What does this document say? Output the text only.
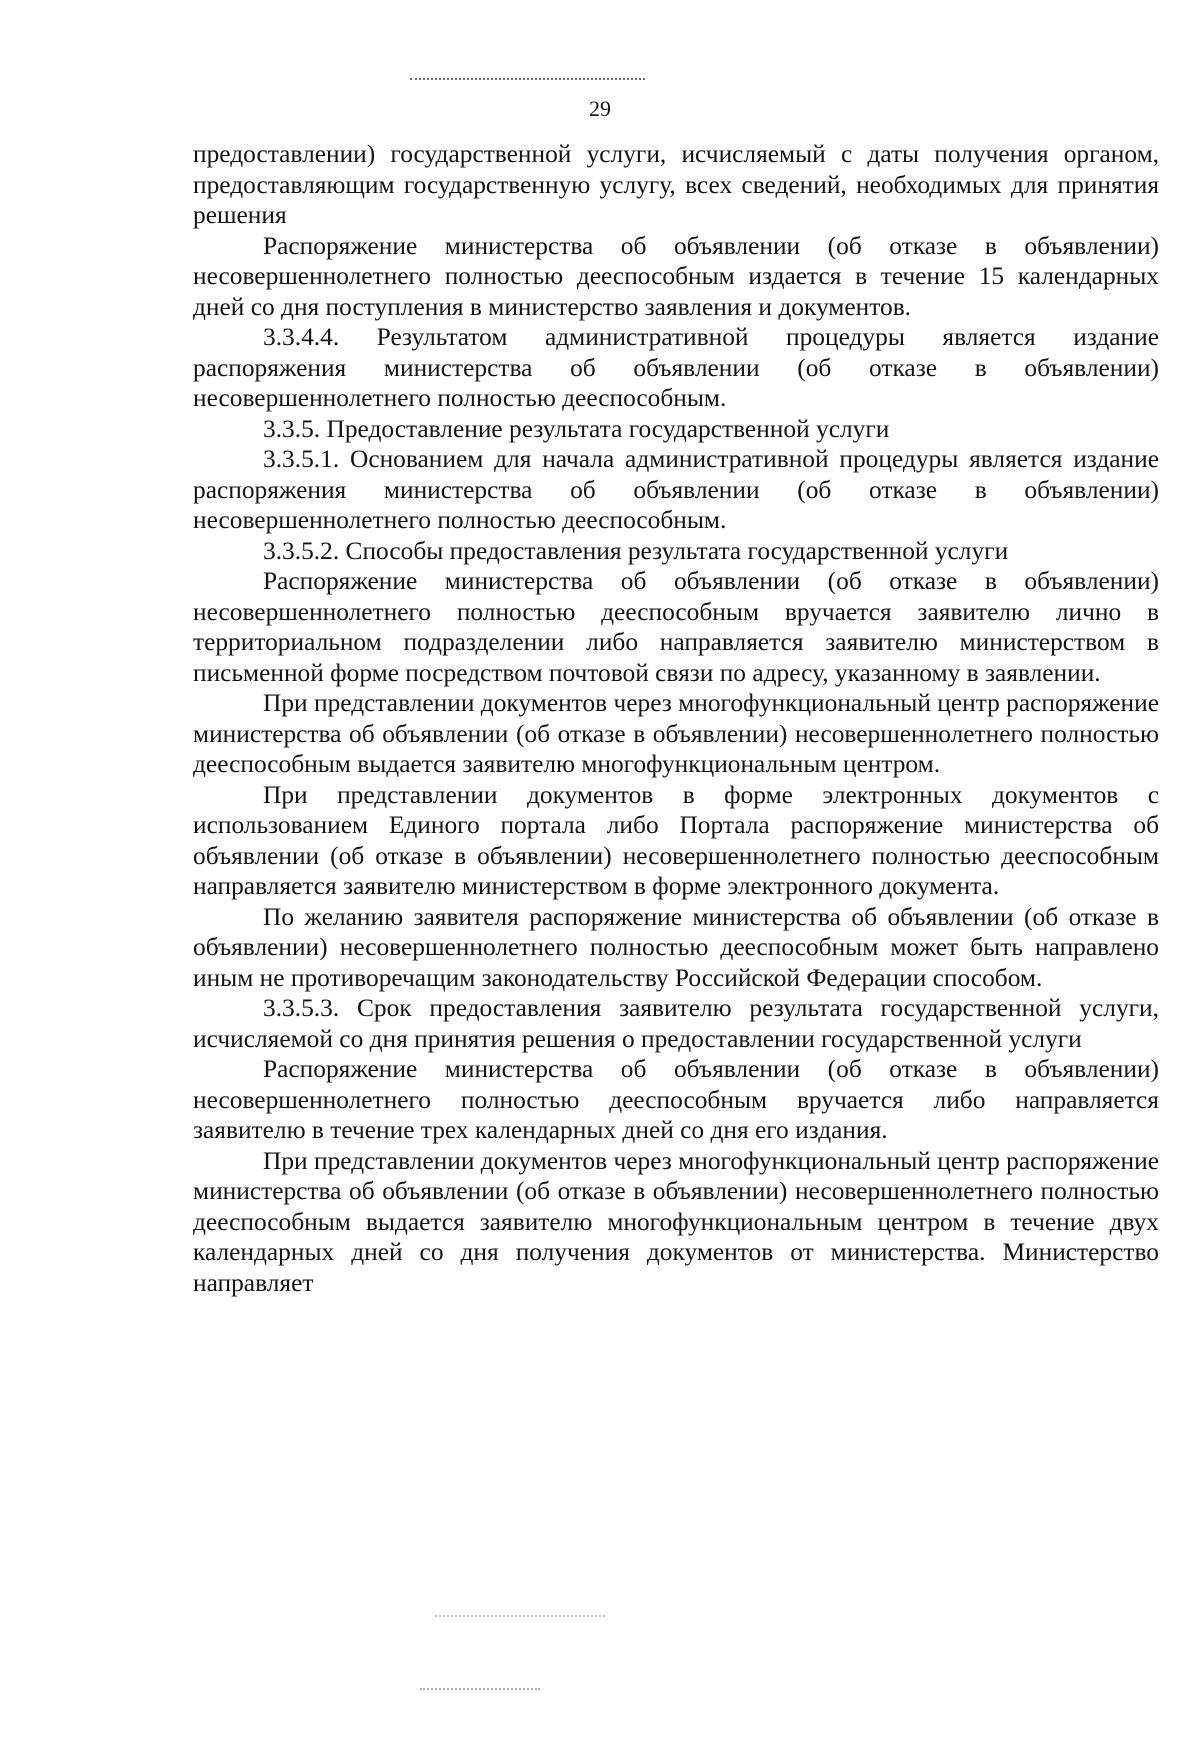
29

предоставлении) государственной услуги, исчисляемый с даты получения органом, предоставляющим государственную услугу, всех сведений, необходимых для принятия решения

Распоряжение министерства об объявлении (об отказе в объявлении) несовершеннолетнего полностью дееспособным издается в течение 15 календарных дней со дня поступления в министерство заявления и документов.

3.3.4.4. Результатом административной процедуры является издание распоряжения министерства об объявлении (об отказе в объявлении) несовершеннолетнего полностью дееспособным.

3.3.5. Предоставление результата государственной услуги

3.3.5.1. Основанием для начала административной процедуры является издание распоряжения министерства об объявлении (об отказе в объявлении) несовершеннолетнего полностью дееспособным.

3.3.5.2. Способы предоставления результата государственной услуги

Распоряжение министерства об объявлении (об отказе в объявлении) несовершеннолетнего полностью дееспособным вручается заявителю лично в территориальном подразделении либо направляется заявителю министерством в письменной форме посредством почтовой связи по адресу, указанному в заявлении.

При представлении документов через многофункциональный центр распоряжение министерства об объявлении (об отказе в объявлении) несовершеннолетнего полностью дееспособным выдается заявителю многофункциональным центром.

При представлении документов в форме электронных документов с использованием Единого портала либо Портала распоряжение министерства об объявлении (об отказе в объявлении) несовершеннолетнего полностью дееспособным направляется заявителю министерством в форме электронного документа.

По желанию заявителя распоряжение министерства об объявлении (об отказе в объявлении) несовершеннолетнего полностью дееспособным может быть направлено иным не противоречащим законодательству Российской Федерации способом.

3.3.5.3. Срок предоставления заявителю результата государственной услуги, исчисляемой со дня принятия решения о предоставлении государственной услуги

Распоряжение министерства об объявлении (об отказе в объявлении) несовершеннолетнего полностью дееспособным вручается либо направляется заявителю в течение трех календарных дней со дня его издания.

При представлении документов через многофункциональный центр распоряжение министерства об объявлении (об отказе в объявлении) несовершеннолетнего полностью дееспособным выдается заявителю многофункциональным центром в течение двух календарных дней со дня получения документов от министерства. Министерство направляет
